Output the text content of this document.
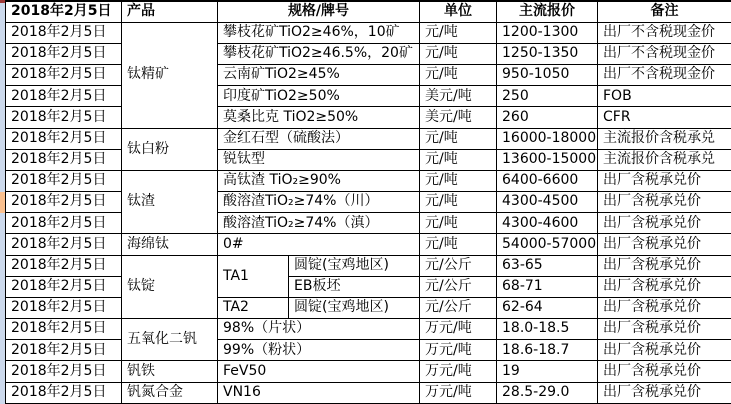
2018年2月5日	产品	规格/牌号		单位	主流报价	备注
2018年2月5日	钛精矿	攀枝花矿TiO2≥46%，10矿		元/吨	1200-1300	出厂不含税现金价
2018年2月5日		攀枝花矿TiO2≥46.5%，20矿		元/吨	1250-1350	出厂不含税现金价
2018年2月5日		云南矿TiO2≥45%		元/吨	950-1050	出厂不含税现金价
2018年2月5日		印度矿TiO2≥50%		美元/吨	250	FOB
2018年2月5日		莫桑比克 TiO2≥50%		美元/吨	260	CFR
2018年2月5日	钛白粉	金红石型（硫酸法）		元/吨	16000-18000	主流报价含税承兑
2018年2月5日		锐钛型		元/吨	13600-15000	主流报价含税承兑
2018年2月5日	钛渣	高钛渣 TiO₂≥90%		元/吨	6400-6600	出厂含税承兑价
2018年2月5日		酸溶渣TiO₂≥74%（川）		元/吨	4300-4500	出厂含税承兑价
2018年2月5日		酸溶渣TiO₂≥74%（滇）		元/吨	4300-4600	出厂含税承兑价
2018年2月5日	海绵钛	0#		元/吨	54000-57000	出厂含税承兑价
2018年2月5日	钛锭	TA1	圆锭(宝鸡地区)	元/公斤	63-65	出厂含税承兑价
2018年2月5日			EB板坯	元/公斤	68-71	出厂含税承兑价
2018年2月5日		TA2	圆锭(宝鸡地区)	元/公斤	62-64	出厂含税承兑价
2018年2月5日	五氧化二钒	98%（片状）		万元/吨	18.0-18.5	出厂含税承兑价
2018年2月5日		99%（粉状）		万元/吨	18.6-18.7	出厂含税承兑价
2018年2月5日	钒铁	FeV50		万元/吨	19	出厂含税承兑价
2018年2月5日	钒氮合金	VN16		万元/吨	28.5-29.0	出厂含税承兑价
